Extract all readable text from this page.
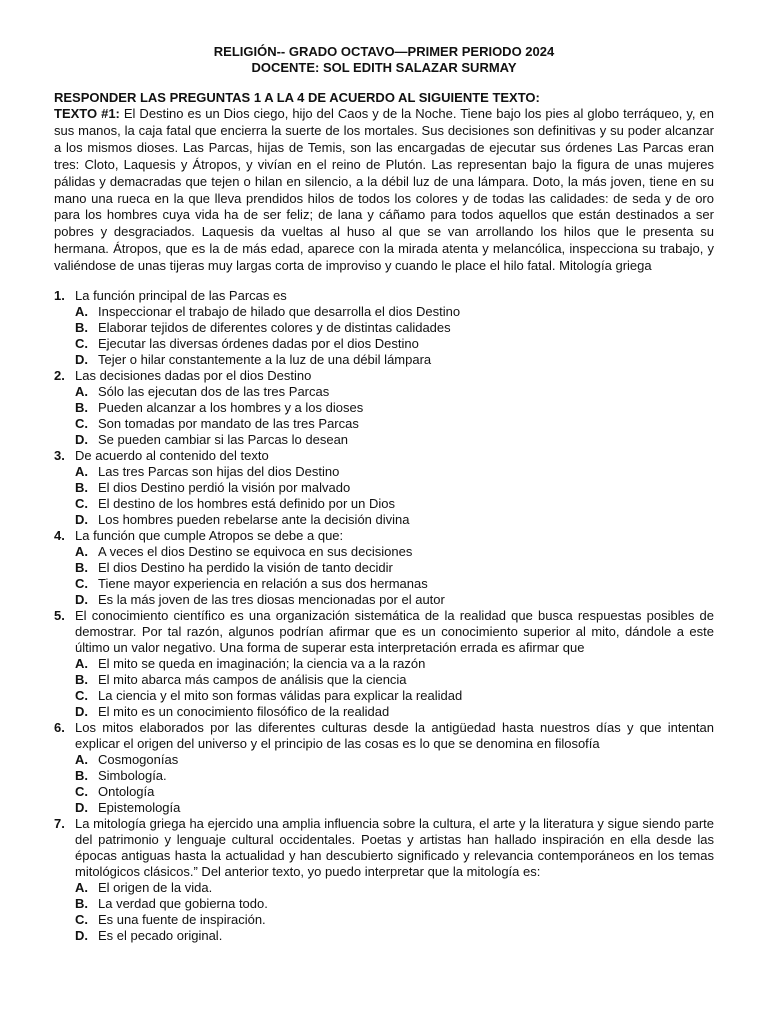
RELIGIÓN-- GRADO OCTAVO—PRIMER PERIODO 2024
DOCENTE: SOL EDITH SALAZAR SURMAY

RESPONDER LAS PREGUNTAS 1 A LA 4 DE ACUERDO AL SIGUIENTE TEXTO:

TEXTO #1: El Destino es un Dios ciego, hijo del Caos y de la Noche. Tiene bajo los pies al globo terráqueo, y, en sus manos, la caja fatal que encierra la suerte de los mortales. Sus decisiones son definitivas y su poder alcanzar a los mismos dioses. Las Parcas, hijas de Temis, son las encargadas de ejecutar sus órdenes Las Parcas eran tres: Cloto, Laquesis y Átropos, y vivían en el reino de Plutón. Las representan bajo la figura de unas mujeres pálidas y demacradas que tejen o hilan en silencio, a la débil luz de una lámpara. Doto, la más joven, tiene en su mano una rueca en la que lleva prendidos hilos de todos los colores y de todas las calidades: de seda y de oro para los hombres cuya vida ha de ser feliz; de lana y cáñamo para todos aquellos que están destinados a ser pobres y desgraciados. Laquesis da vueltas al huso al que se van arrollando los hilos que le presenta su hermana. Átropos, que es la de más edad, aparece con la mirada atenta y melancólica, inspecciona su trabajo, y valiéndose de unas tijeras muy largas corta de improviso y cuando le place el hilo fatal. Mitología griega

1. La función principal de las Parcas es
A. Inspeccionar el trabajo de hilado que desarrolla el dios Destino
B. Elaborar tejidos de diferentes colores y de distintas calidades
C. Ejecutar las diversas órdenes dadas por el dios Destino
D. Tejer o hilar constantemente a la luz de una débil lámpara
2. Las decisiones dadas por el dios Destino
A. Sólo las ejecutan dos de las tres Parcas
B. Pueden alcanzar a los hombres y a los dioses
C. Son tomadas por mandato de las tres Parcas
D. Se pueden cambiar si las Parcas lo desean
3. De acuerdo al contenido del texto
A. Las tres Parcas son hijas del dios Destino
B. El dios Destino perdió la visión por malvado
C. El destino de los hombres está definido por un Dios
D. Los hombres pueden rebelarse ante la decisión divina
4. La función que cumple Atropos se debe a que:
A. A veces el dios Destino se equivoca en sus decisiones
B. El dios Destino ha perdido la visión de tanto decidir
C. Tiene mayor experiencia en relación a sus dos hermanas
D. Es la más joven de las tres diosas mencionadas por el autor
5. El conocimiento científico es una organización sistemática de la realidad que busca respuestas posibles de demostrar. Por tal razón, algunos podrían afirmar que es un conocimiento superior al mito, dándole a este último un valor negativo. Una forma de superar esta interpretación errada es afirmar que
A. El mito se queda en imaginación; la ciencia va a la razón
B. El mito abarca más campos de análisis que la ciencia
C. La ciencia y el mito son formas válidas para explicar la realidad
D. El mito es un conocimiento filosófico de la realidad
6. Los mitos elaborados por las diferentes culturas desde la antigüedad hasta nuestros días y que intentan explicar el origen del universo y el principio de las cosas es lo que se denomina en filosofía
A. Cosmogonías
B. Simbología.
C. Ontología
D. Epistemología
7. La mitología griega ha ejercido una amplia influencia sobre la cultura, el arte y la literatura y sigue siendo parte del patrimonio y lenguaje cultural occidentales. Poetas y artistas han hallado inspiración en ella desde las épocas antiguas hasta la actualidad y han descubierto significado y relevancia contemporáneos en los temas mitológicos clásicos.” Del anterior texto, yo puedo interpretar que la mitología es:
A. El origen de la vida.
B. La verdad que gobierna todo.
C. Es una fuente de inspiración.
D. Es el pecado original.
